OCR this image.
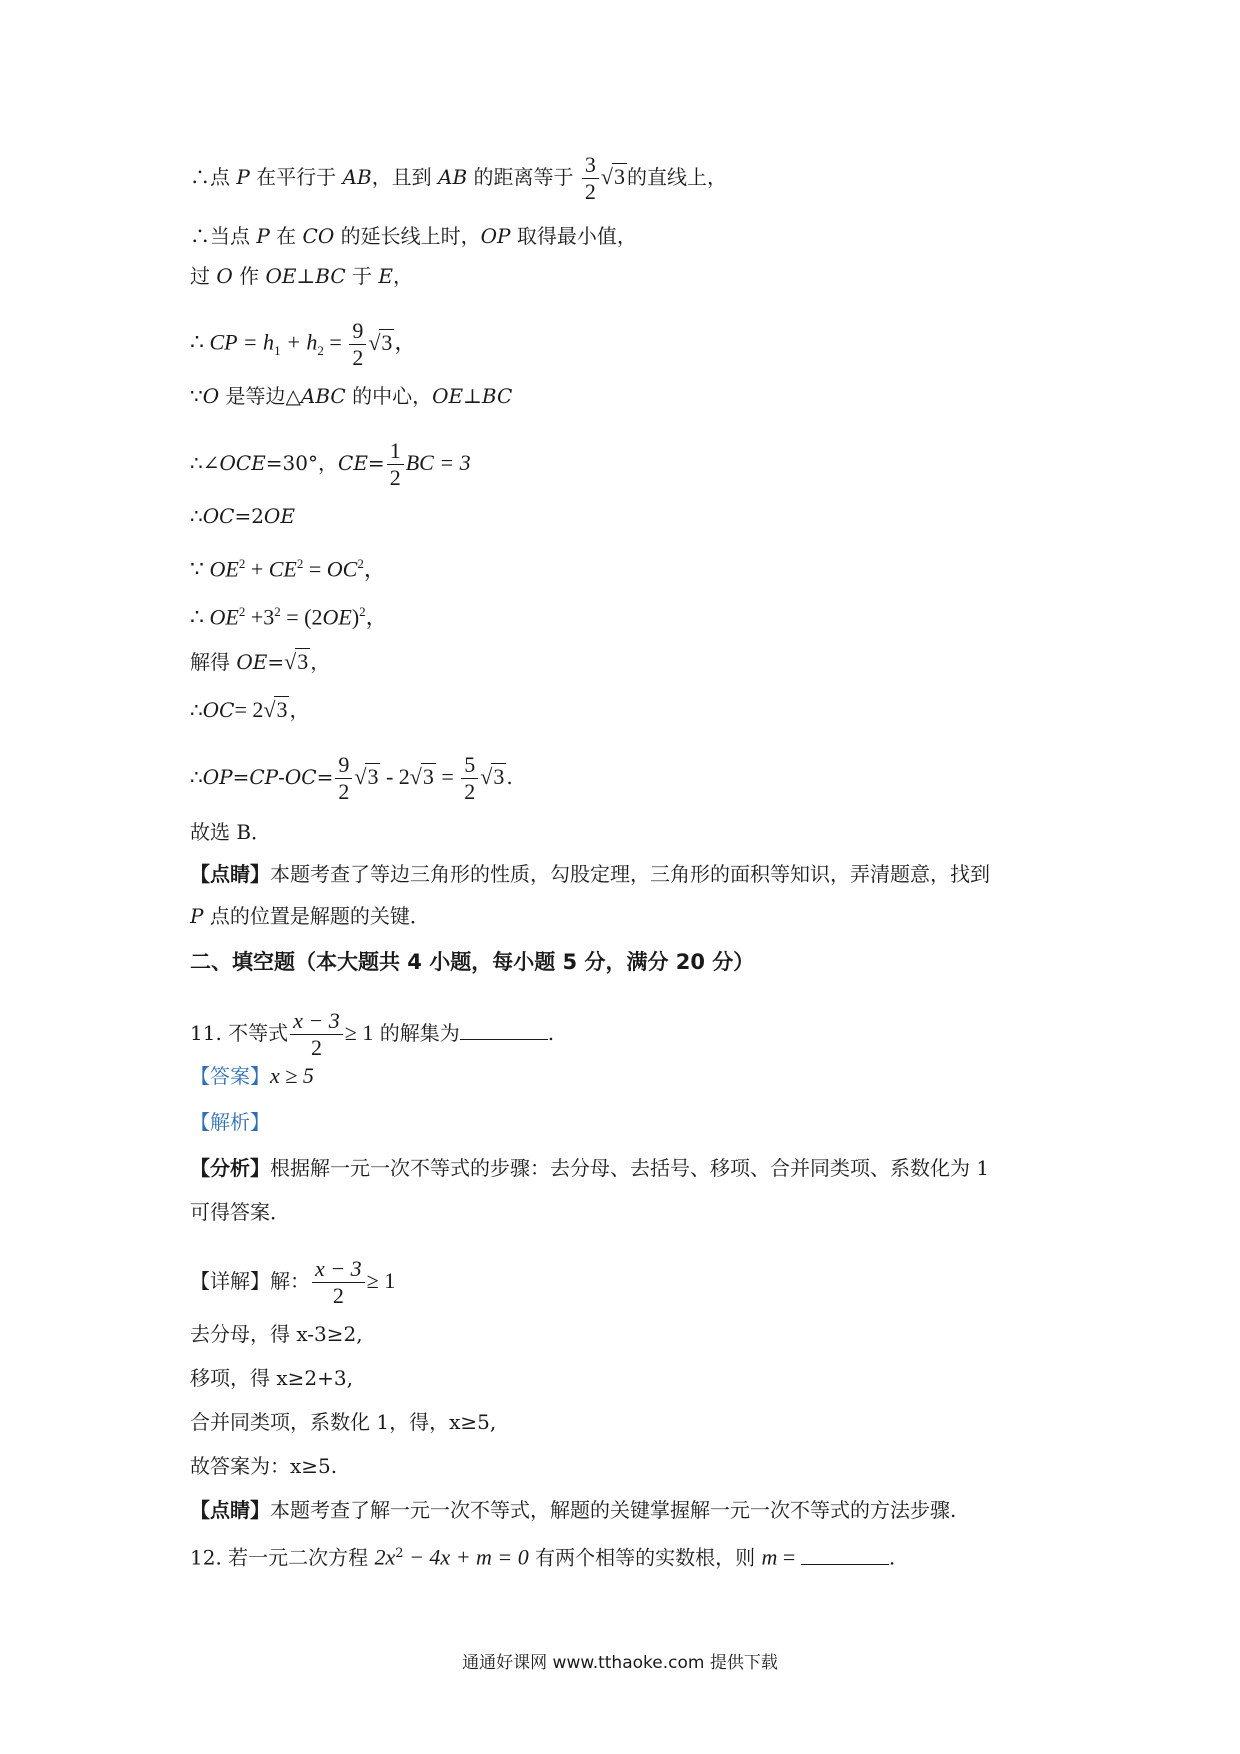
∴点 P 在平行于 AB，且到 AB 的距离等于 $\frac{3}{2} √3$ 的直线上，
∴当点 P 在 CO 的延长线上时，OP 取得最小值，
过 O 作 OE⊥BC 于 E，
∴ CP = $h_1 + h_2 = \frac{9}{2} √3$，
∵O 是等边△ABC 的中心，OE⊥BC
∴∠OCE=30°，$CE= \frac{1}{2}$ BC = 3
∴OC=2OE
∵ $OE^2 + CE^2 = OC^2$，
∴ $OE^2 +3^2 = (2OE)^2$，
解得 OE=√3 ，
∴OC= 2√3 ，
∴OP=CP-OC= $\frac{9}{2} √3 - 2√3 = \frac{5}{2} √3$ .
故选 B．
【点睛】本题考查了等边三角形的性质，勾股定理，三角形的面积等知识，弄清题意，找到
P 点的位置是解题的关键．
二、填空题（本大题共 4 小题，每小题 5 分，满分 20 分）
11. 不等式 $\frac{x - 3}{2} \ge 1$ 的解集为	.
【答案】x ≥ 5
【解析】
【分析】根据解一元一次不等式的步骤：去分母、去括号、移项、合并同类项、系数化为 1
可得答案．
【详解】解： $\frac{x - 3}{2} \ge 1$
去分母，得 x-3≥2,
移项，得 x≥2+3,
合并同类项，系数化 1，得，x≥5,
故答案为：x≥5.
【点睛】本题考查了解一元一次不等式，解题的关键掌握解一元一次不等式的方法步骤.
12. 若一元二次方程 $2x^2 - 4x + m = 0$ 有两个相等的实数根，则 m =	.
通通好课网 www.tthaoke.com 提供下载
